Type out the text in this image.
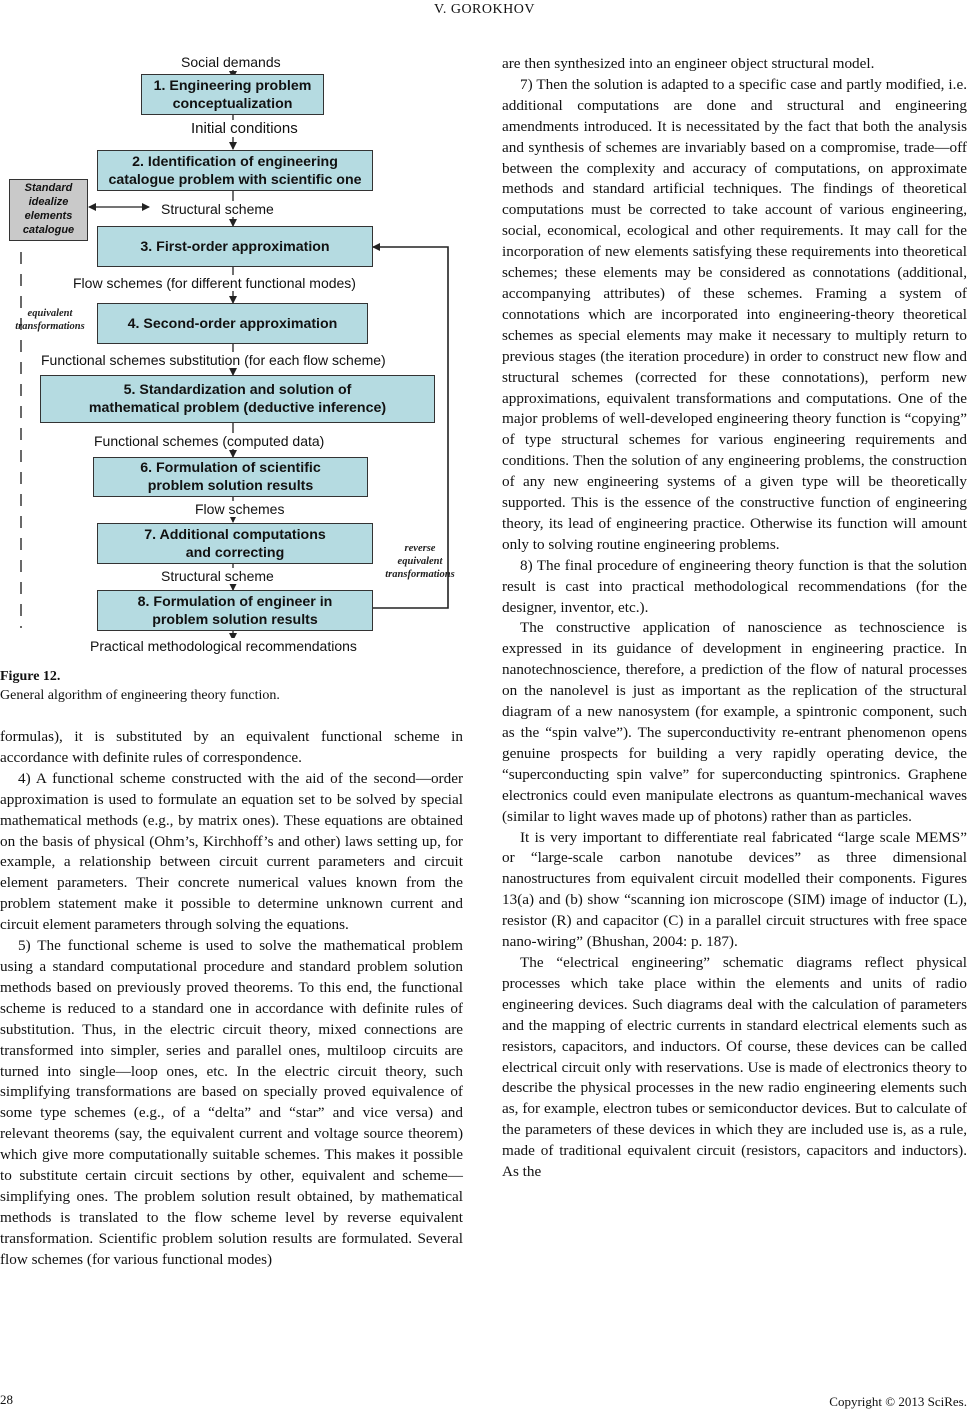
V. GOROKHOV
Social demands
1. Engineering problem
conceptualization
Initial conditions
2. Identification of engineering
catalogue problem with scientific one
Standard
idealize
elements
catalogue
Structural scheme
3. First-order approximation
Flow schemes (for different functional modes)
equivalent
transformations	4. Second-order approximation
Functional schemes substitution (for each flow scheme)
5. Standardization and solution of
mathematical problem (deductive inference)
Functional schemes (computed data)
6. Formulation of scientific
problem solution results
Flow schemes
7. Additional computations
and correcting	reverse
equivalent
transformations
Structural scheme
8. Formulation of engineer in
problem solution results
Practical methodological recommendations
Figure 12.
General algorithm of engineering theory function.

formulas), it is substituted by an equivalent functional scheme in accordance with definite rules of correspondence.

4) A functional scheme constructed with the aid of the second—order approximation is used to formulate an equation set to be solved by special mathematical methods (e.g., by matrix ones). These equations are obtained on the basis of physical (Ohm’s, Kirchhoff’s and other) laws setting up, for example, a relationship between circuit current parameters and circuit element parameters. Their concrete numerical values known from the problem statement make it possible to determine unknown current and circuit element parameters through solving the equations.

5) The functional scheme is used to solve the mathematical problem using a standard computational procedure and standard problem solution methods based on previously proved theorems. To this end, the functional scheme is reduced to a standard one in accordance with definite rules of substitution. Thus, in the electric circuit theory, mixed connections are transformed into simpler, series and parallel ones, multiloop circuits are turned into single—loop ones, etc. In the electric circuit theory, such simplifying transformations are based on specially proved equivalence of some type schemes (e.g., of a “delta” and “star” and vice versa) and relevant theorems (say, the equivalent current and voltage source theorem) which give more computationally suitable schemes. This makes it possible to substitute certain circuit sections by other, equivalent and scheme—simplifying ones. The problem solution result obtained, by mathematical methods is translated to the flow scheme level by reverse equivalent transformation. Scientific problem solution results are formulated. Several flow schemes (for various functional modes)

are then synthesized into an engineer object structural model.

7) Then the solution is adapted to a specific case and partly modified, i.e. additional computations are done and structural and engineering amendments introduced. It is necessitated by the fact that both the analysis and synthesis of schemes are invariably based on a compromise, trade—off between the complexity and accuracy of computations, on approximate methods and standard artificial techniques. The findings of theoretical computations must be corrected to take account of various engineering, social, economical, ecological and other requirements. It may call for the incorporation of new elements satisfying these requirements into theoretical schemes; these elements may be considered as connotations (additional, accompanying attributes) of these schemes. Framing a system of connotations which are incorporated into engineering-theory theoretical schemes as special elements may make it necessary to multiply return to previous stages (the iteration procedure) in order to construct new flow and structural schemes (corrected for these connotations), perform new approximations, equivalent transformations and computations. One of the major problems of well-developed engineering theory function is “copying” of type structural schemes for various engineering requirements and conditions. Then the solution of any engineering problems, the construction of any new engineering systems of a given type will be theoretically supported. This is the essence of the constructive function of engineering theory, its lead of engineering practice. Otherwise its function will amount only to solving routine engineering problems.

8) The final procedure of engineering theory function is that the solution result is cast into practical methodological recommendations (for the designer, inventor, etc.).

The constructive application of nanoscience as technoscience is expressed in its guidance of development in engineering practice. In nanotechnoscience, therefore, a prediction of the flow of natural processes on the nanolevel is just as important as the replication of the structural diagram of a new nanosystem (for example, a spintronic component, such as the “spin valve”). The superconductivity re-entrant phenomenon opens genuine prospects for building a very rapidly operating device, the “superconducting spin valve” for superconducting spintronics. Graphene electronics could even manipulate electrons as quantum-mechanical waves (similar to light waves made up of photons) rather than as particles.

It is very important to differentiate real fabricated “large scale MEMS” or “large-scale carbon nanotube devices” as three dimensional nanostructures from equivalent circuit modelled their components. Figures 13(a) and (b) show “scanning ion microscope (SIM) image of inductor (L), resistor (R) and capacitor (C) in a parallel circuit structures with free space nano-wiring” (Bhushan, 2004: p. 187).

The “electrical engineering” schematic diagrams reflect physical processes which take place within the elements and units of radio engineering devices. Such diagrams deal with the calculation of parameters and the mapping of electric currents in standard electrical elements such as resistors, capacitors, and inductors. Of course, these devices can be called electrical circuit only with reservations. Use is made of electronics theory to describe the physical processes in the new radio engineering elements such as, for example, electron tubes or semiconductor devices. But to calculate of the parameters of these devices in which they are included use is, as a rule, made of traditional equivalent circuit (resistors, capacitors and inductors). As the

28	Copyright © 2013 SciRes.
